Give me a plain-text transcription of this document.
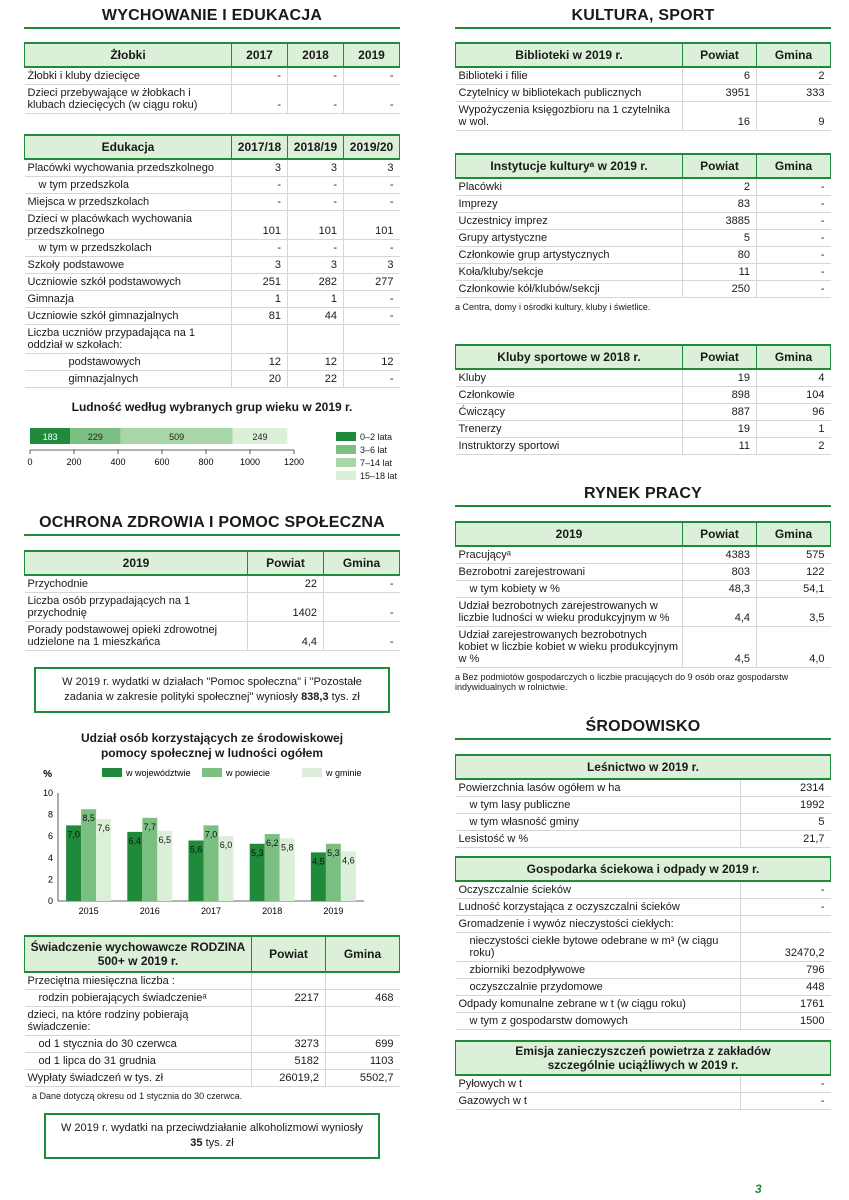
WYCHOWANIE I EDUKACJA
Żłobki	2017	2018	2019
Żłobki i kluby dziecięce	-	-	-
Dzieci przebywające w żłobkach i klubach dziecięcych (w ciągu roku)	-	-	-
Edukacja	2017/18	2018/19	2019/20
Placówki wychowania przedszkolnego	3	3	3
w tym przedszkola	-	-	-
Miejsca w przedszkolach	-	-	-
Dzieci w placówkach wychowania przedszkolnego	101	101	101
w tym w przedszkolach	-	-	-
Szkoły podstawowe	3	3	3
Uczniowie szkół podstawowych	251	282	277
Gimnazja	1	1	-
Uczniowie szkół gimnazjalnych	81	44	-
Liczba uczniów przypadająca na 1 oddział w szkołach:			
podstawowych	12	12	12
gimnazjalnych	20	22	-
Ludność według wybranych grup wieku w 2019 r.
183	229	509	249
0	200	400	600	800	1000	1200
0–2 lata
3–6 lat
7–14 lat
15–18 lat
OCHRONA ZDROWIA I POMOC SPOŁECZNA
2019	Powiat	Gmina
Przychodnie	22	-
Liczba osób przypadających na 1 przychodnię	1402	-
Porady podstawowej opieki zdrowotnej udzielone na 1 mieszkańca	4,4	-
W 2019 r. wydatki w działach "Pomoc społeczna" i "Pozostałe zadania w zakresie polityki społecznej" wyniosły 838,3 tys. zł
Udział osób korzystających ze środowiskowej pomocy społecznej w ludności ogółem
%	w województwie	w powiecie	w gminie
0
2
4
6
8
10
7,0
8,5
7,6
2015
6,4
7,7
6,5
2016
5,6
7,0
6,0
2017
5,3
6,2 5,8
2018
4,5
5,3
4,6
2019
Świadczenie wychowawcze RODZINA 500+ w 2019 r.	Powiat	Gmina
Przeciętna miesięczna liczba :		
rodzin pobierających świadczenieᵃ	2217	468
dzieci, na które rodziny pobierają świadczenie:		
od 1 stycznia do 30 czerwca	3273	699
od 1 lipca do 31 grudnia	5182	1103
Wypłaty świadczeń w tys. zł	26019,2	5502,7
a Dane dotyczą okresu od 1 stycznia do 30 czerwca.
W 2019 r. wydatki na przeciwdziałanie alkoholizmowi wyniosły 35 tys. zł
KULTURA, SPORT
Biblioteki w 2019 r.	Powiat	Gmina
Biblioteki i filie	6	2
Czytelnicy w bibliotekach publicznych	3951	333
Wypożyczenia księgozbioru na 1 czytelnika w wol.	16	9
Instytucje kulturyᵃ w 2019 r.	Powiat	Gmina
Placówki	2	-
Imprezy	83	-
Uczestnicy imprez	3885	-
Grupy artystyczne	5	-
Członkowie grup artystycznych	80	-
Koła/kluby/sekcje	11	-
Członkowie kół/klubów/sekcji	250	-
a Centra, domy i ośrodki kultury, kluby i świetlice.
Kluby sportowe w 2018 r.	Powiat	Gmina
Kluby	19	4
Członkowie	898	104
Ćwiczący	887	96
Trenerzy	19	1
Instruktorzy sportowi	11	2
RYNEK PRACY
2019	Powiat	Gmina
Pracującyᵃ	4383	575
Bezrobotni zarejestrowani	803	122
w tym kobiety w %	48,3	54,1
Udział bezrobotnych zarejestrowanych w liczbie ludności w wieku produkcyjnym w %	4,4	3,5
Udział zarejestrowanych bezrobotnych kobiet w liczbie kobiet w wieku produkcyjnym w %	4,5	4,0
a Bez podmiotów gospodarczych o liczbie pracujących do 9 osób oraz gospodarstw indywidualnych w rolnictwie.
ŚRODOWISKO
Leśnictwo w 2019 r.	
Powierzchnia lasów ogółem w ha	2314
w tym lasy publiczne	1992
w tym własność gminy	5
Lesistość w %	21,7
Gospodarka ściekowa i odpady w 2019 r.	
Oczyszczalnie ścieków	-
Ludność korzystająca z oczyszczalni ścieków	-
Gromadzenie i wywóz nieczystości ciekłych:	
nieczystości ciekłe bytowe odebrane w m³ (w ciągu roku)	32470,2
zbiorniki bezodpływowe	796
oczyszczalnie przydomowe	448
Odpady komunalne zebrane w t (w ciągu roku)	1761
w tym z gospodarstw domowych	1500
Emisja zanieczyszczeń powietrza z zakładów szczególnie uciążliwych w 2019 r.	
Pyłowych w t	-
Gazowych w t	-
3
